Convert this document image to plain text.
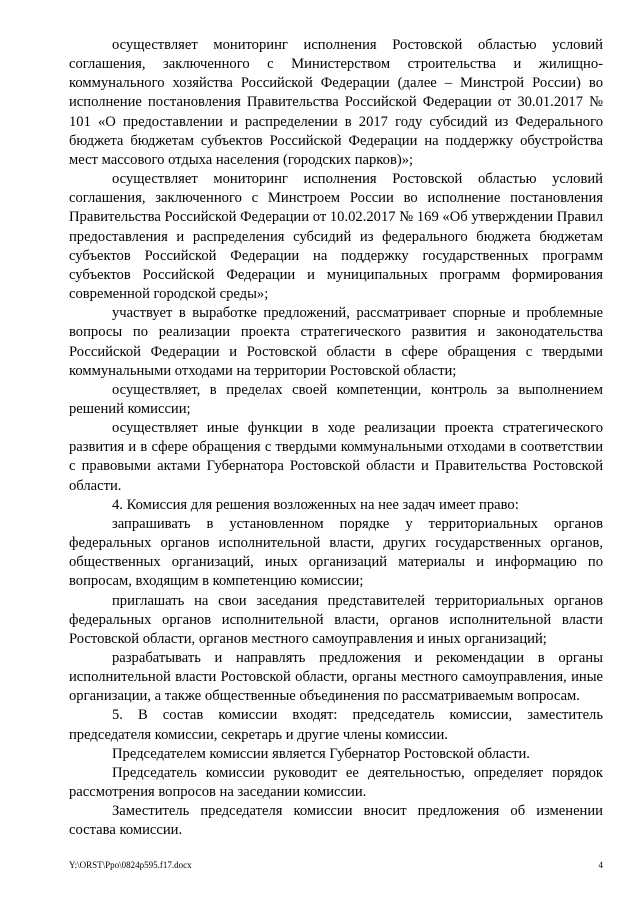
осуществляет мониторинг исполнения Ростовской областью условий соглашения, заключенного с Министерством строительства и жилищно-коммунального хозяйства Российской Федерации (далее – Минстрой России) во исполнение постановления Правительства Российской Федерации от 30.01.2017 № 101 «О предоставлении и распределении в 2017 году субсидий из Федерального бюджета бюджетам субъектов Российской Федерации на поддержку обустройства мест массового отдыха населения (городских парков)»;

осуществляет мониторинг исполнения Ростовской областью условий соглашения, заключенного с Минстроем России во исполнение постановления Правительства Российской Федерации от 10.02.2017 № 169 «Об утверждении Правил предоставления и распределения субсидий из федерального бюджета бюджетам субъектов Российской Федерации на поддержку государственных программ субъектов Российской Федерации и муниципальных программ формирования современной городской среды»;

участвует в выработке предложений, рассматривает спорные и проблемные вопросы по реализации проекта стратегического развития и законодательства Российской Федерации и Ростовской области в сфере обращения с твердыми коммунальными отходами на территории Ростовской области;

осуществляет, в пределах своей компетенции, контроль за выполнением решений комиссии;

осуществляет иные функции в ходе реализации проекта стратегического развития и в сфере обращения с твердыми коммунальными отходами в соответствии с правовыми актами Губернатора Ростовской области и Правительства Ростовской области.

4. Комиссия для решения возложенных на нее задач имеет право:

запрашивать в установленном порядке у территориальных органов федеральных органов исполнительной власти, других государственных органов, общественных организаций, иных организаций материалы и информацию по вопросам, входящим в компетенцию комиссии;

приглашать на свои заседания представителей территориальных органов федеральных органов исполнительной власти, органов исполнительной власти Ростовской области, органов местного самоуправления и иных организаций;

разрабатывать и направлять предложения и рекомендации в органы исполнительной власти Ростовской области, органы местного самоуправления, иные организации, а также общественные объединения по рассматриваемым вопросам.

5. В состав комиссии входят: председатель комиссии, заместитель председателя комиссии, секретарь и другие члены комиссии.

Председателем комиссии является Губернатор Ростовской области.

Председатель комиссии руководит ее деятельностью, определяет порядок рассмотрения вопросов на заседании комиссии.

Заместитель председателя комиссии вносит предложения об изменении состава комиссии.

Y:\ORST\Ppo\0824p595.f17.docx	4
